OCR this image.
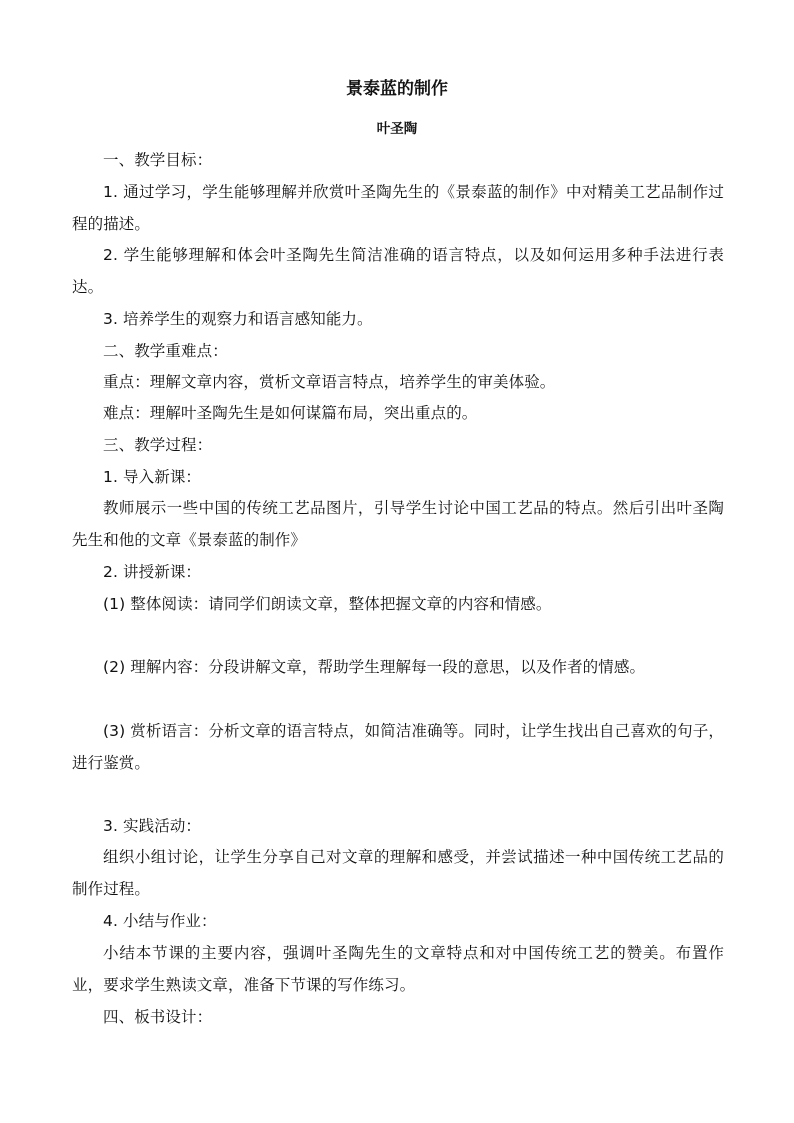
景泰蓝的制作
叶圣陶

一、教学目标：

1. 通过学习，学生能够理解并欣赏叶圣陶先生的《景泰蓝的制作》中对精美工艺品制作过程的描述。

2. 学生能够理解和体会叶圣陶先生简洁准确的语言特点，以及如何运用多种手法进行表达。

3. 培养学生的观察力和语言感知能力。

二、教学重难点：

重点：理解文章内容，赏析文章语言特点，培养学生的审美体验。

难点：理解叶圣陶先生是如何谋篇布局，突出重点的。

三、教学过程：

1. 导入新课：

教师展示一些中国的传统工艺品图片，引导学生讨论中国工艺品的特点。然后引出叶圣陶先生和他的文章《景泰蓝的制作》

2. 讲授新课：

(1) 整体阅读：请同学们朗读文章，整体把握文章的内容和情感。

(2) 理解内容：分段讲解文章，帮助学生理解每一段的意思，以及作者的情感。

(3) 赏析语言：分析文章的语言特点，如简洁准确等。同时，让学生找出自己喜欢的句子，进行鉴赏。

3. 实践活动：

组织小组讨论，让学生分享自己对文章的理解和感受，并尝试描述一种中国传统工艺品的制作过程。

4. 小结与作业：

小结本节课的主要内容，强调叶圣陶先生的文章特点和对中国传统工艺的赞美。布置作业，要求学生熟读文章，准备下节课的写作练习。

四、板书设计：
